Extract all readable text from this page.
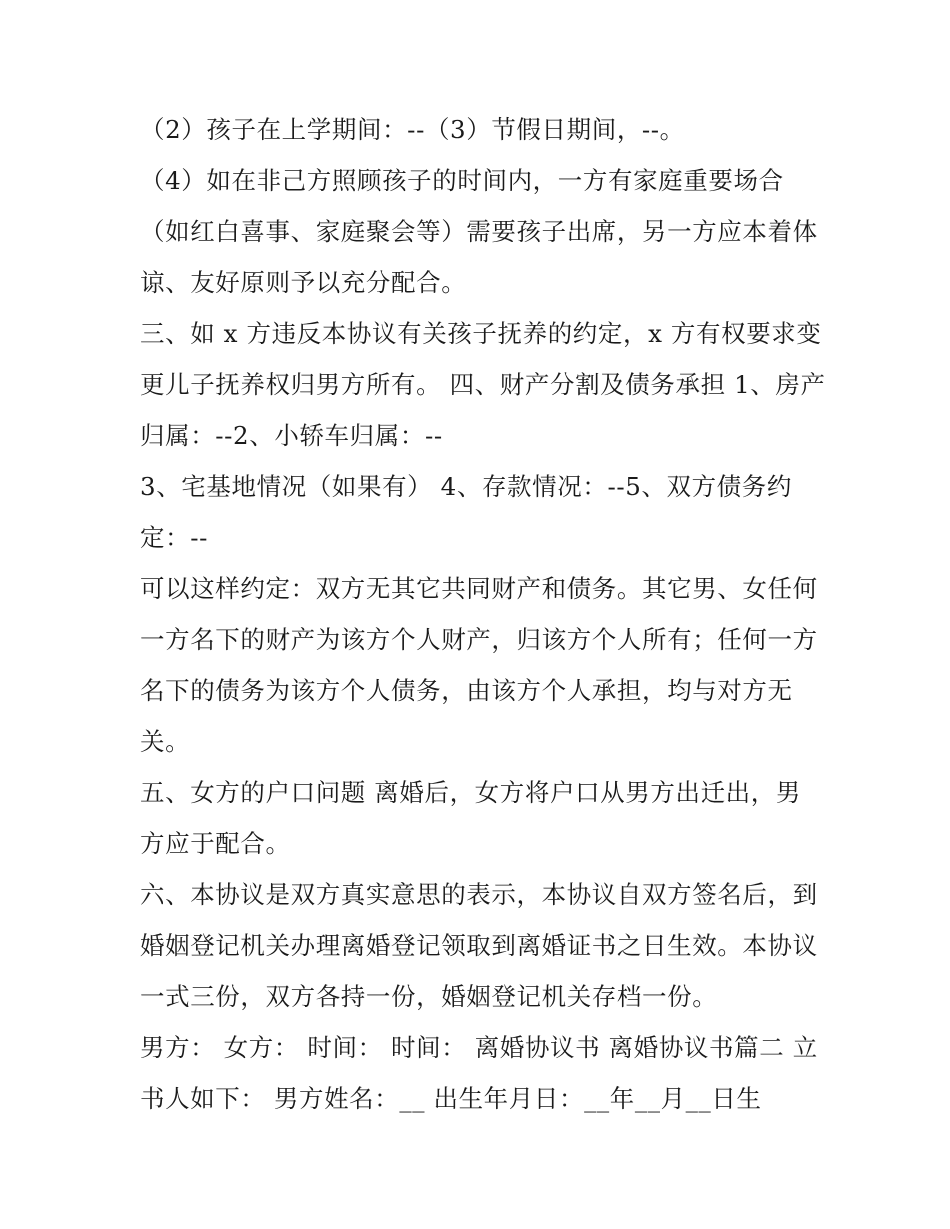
（2）孩子在上学期间：--（3）节假日期间，--。
（4）如在非己方照顾孩子的时间内，一方有家庭重要场合
（如红白喜事、家庭聚会等）需要孩子出席，另一方应本着体
谅、友好原则予以充分配合。
三、如 x 方违反本协议有关孩子抚养的约定，x 方有权要求变
更儿子抚养权归男方所有。 四、财产分割及债务承担 1、房产
归属：--2、小轿车归属：--
3、宅基地情况（如果有） 4、存款情况：--5、双方债务约
定：--
可以这样约定：双方无其它共同财产和债务。其它男、女任何
一方名下的财产为该方个人财产，归该方个人所有；任何一方
名下的债务为该方个人债务，由该方个人承担，均与对方无
关。
五、女方的户口问题 离婚后，女方将户口从男方出迁出，男
方应于配合。
六、本协议是双方真实意思的表示，本协议自双方签名后，到
婚姻登记机关办理离婚登记领取到离婚证书之日生效。本协议
一式三份，双方各持一份，婚姻登记机关存档一份。
男方： 女方： 时间： 时间： 离婚协议书 离婚协议书篇二 立
书人如下： 男方姓名：__ 出生年月日：__年__月__日生
